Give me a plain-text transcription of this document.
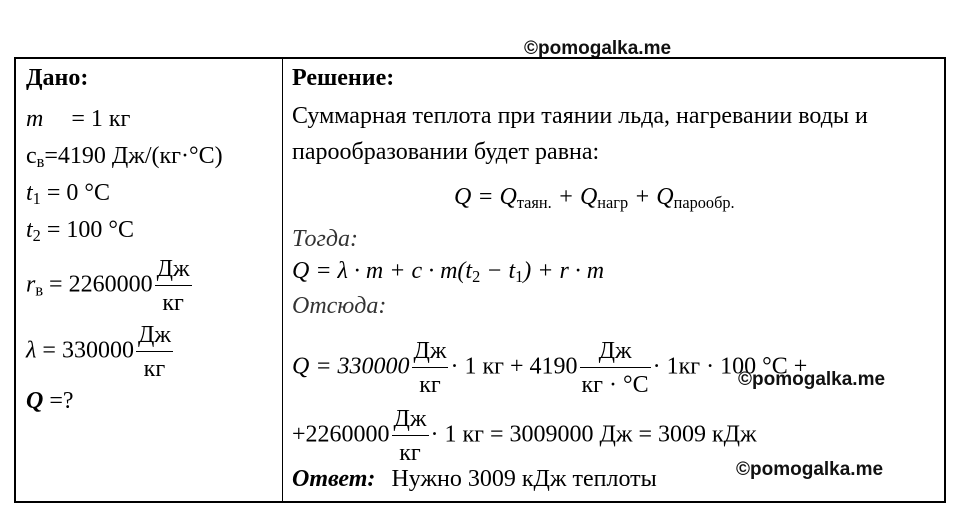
©pomogalka.me
Дано:
m = 1 кг
$c_в=4190$ Дж/(кг·°С)
$t_1 = 0$ °C
$t_2 = 100$ °C
$r_в = 2260000 \frac{Дж}{кг}$
$\lambda = 330000 \frac{Дж}{кг}$
Q =?
Решение:
Суммарная теплота при таянии льда, нагревании воды и
парообразовании будет равна:
$Q = Q_{таян.} + Q_{нагр} + Q_{парообр.}$
Тогда:
$Q = \lambda \cdot m + c \cdot m(t_2 - t_1) + r \cdot m$
Отсюда:
$Q = 330000 \frac{Дж}{кг} \cdot 1$ кг + $4190 \frac{Дж}{кг \cdot ^\circ С} \cdot 1кг \cdot 100$ °C +
$+2260000 \frac{Дж}{кг} \cdot 1$ кг = 3009000 Дж = 3009 кДж
Ответ: Нужно 3009 кДж теплоты
©pomogalka.me
©pomogalka.me
